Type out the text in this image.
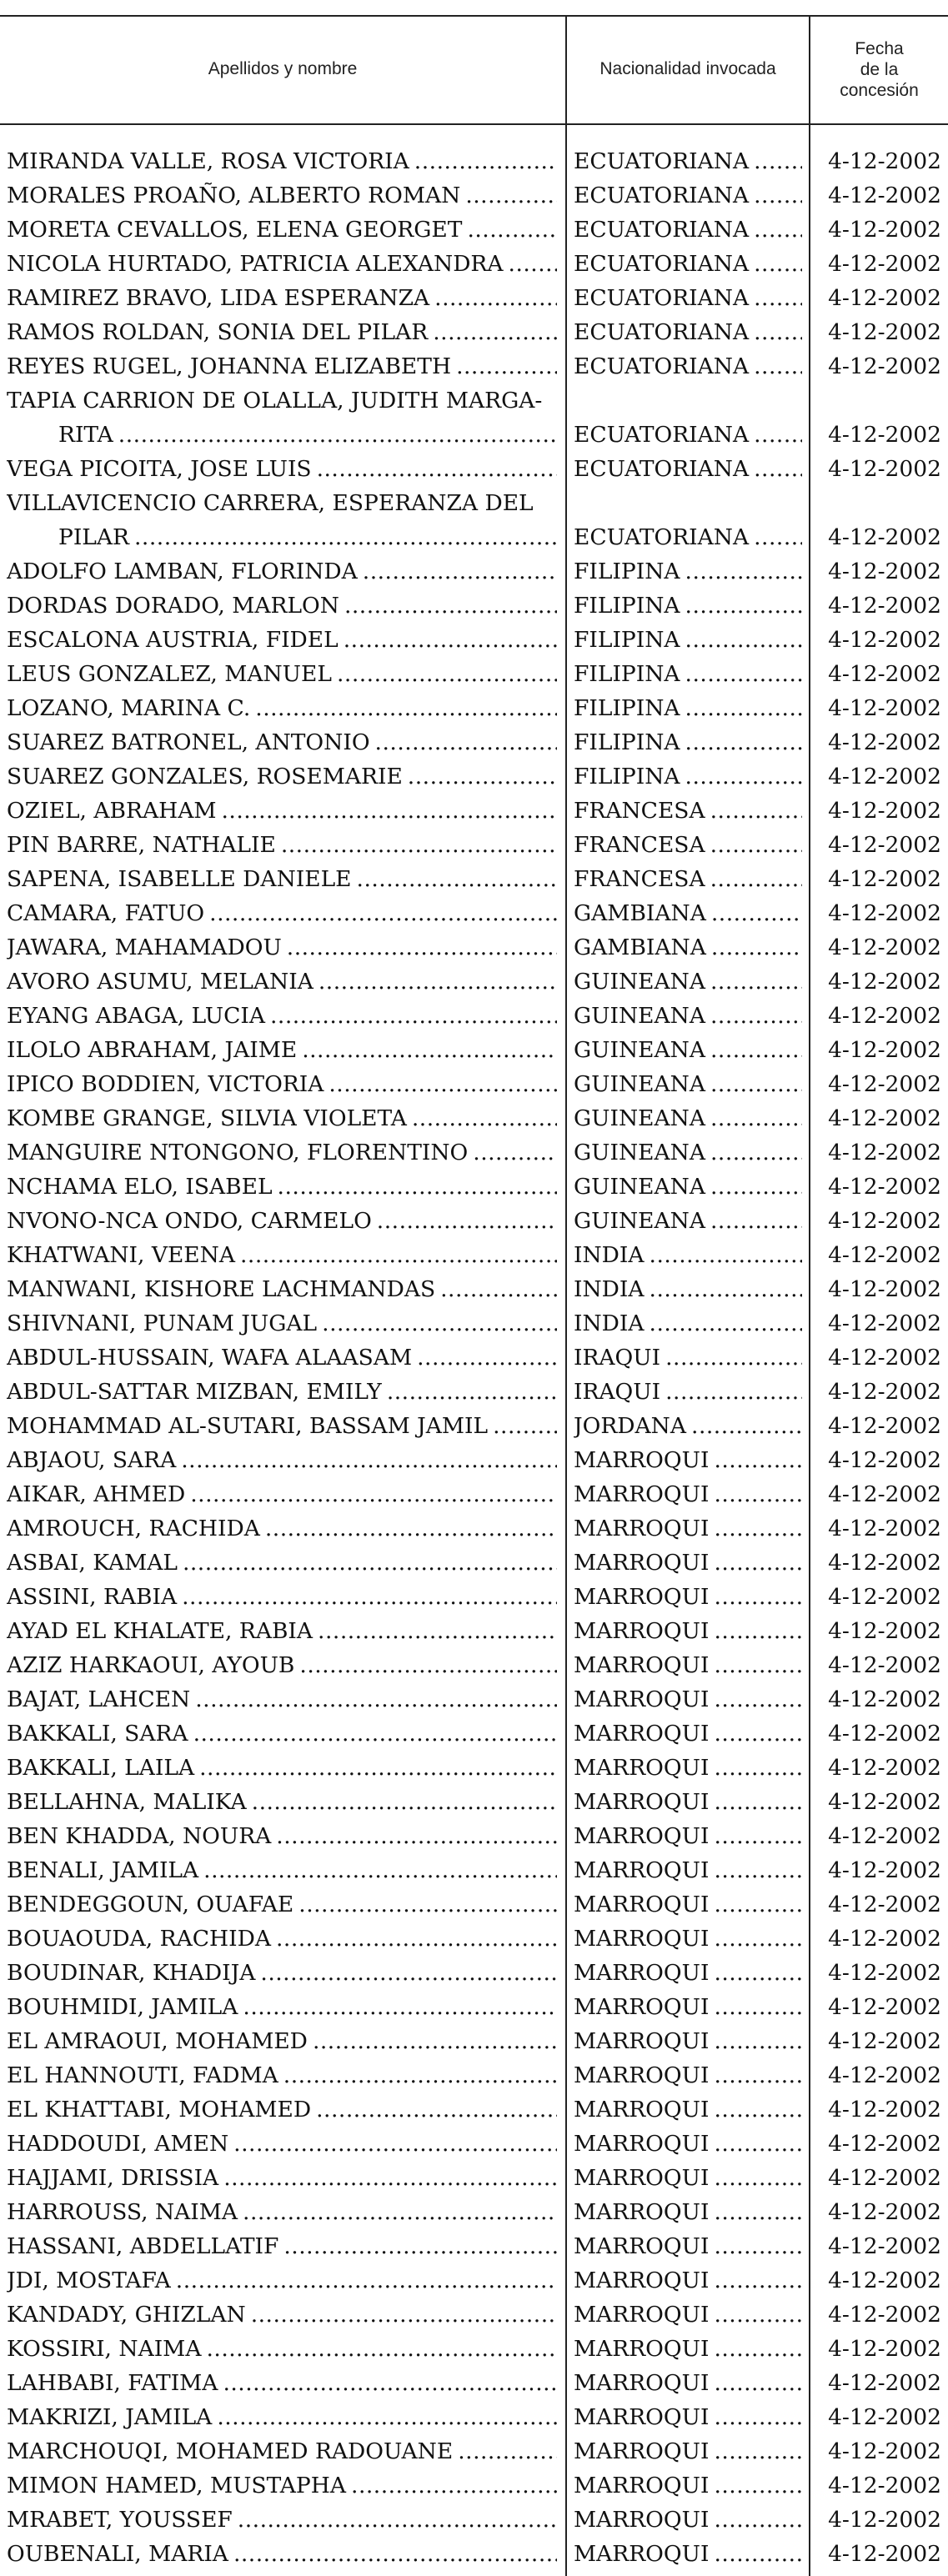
Apellidos y nombre	Nacionalidad invocada
Fecha
de la
concesión
MIRANDA VALLE, ROSA VICTORIA .....	ECUATORIANA .....	4-12-2002
MORALES PROAÑO, ALBERTO ROMAN .....	ECUATORIANA .....	4-12-2002
MORETA CEVALLOS, ELENA GEORGET .....	ECUATORIANA .....	4-12-2002
NICOLA HURTADO, PATRICIA ALEXANDRA .....	ECUATORIANA .....	4-12-2002
RAMIREZ BRAVO, LIDA ESPERANZA .....	ECUATORIANA .....	4-12-2002
RAMOS ROLDAN, SONIA DEL PILAR .....	ECUATORIANA .....	4-12-2002
REYES RUGEL, JOHANNA ELIZABETH .....	ECUATORIANA .....	4-12-2002
TAPIA CARRION DE OLALLA, JUDITH MARGA-
RITA .....	ECUATORIANA .....	4-12-2002
VEGA PICOITA, JOSE LUIS .....	ECUATORIANA .....	4-12-2002
VILLAVICENCIO CARRERA, ESPERANZA DEL
PILAR .....	ECUATORIANA .....	4-12-2002
ADOLFO LAMBAN, FLORINDA .....	FILIPINA .....	4-12-2002
DORDAS DORADO, MARLON .....	FILIPINA .....	4-12-2002
ESCALONA AUSTRIA, FIDEL .....	FILIPINA .....	4-12-2002
LEUS GONZALEZ, MANUEL .....	FILIPINA .....	4-12-2002
LOZANO, MARINA C. .....	FILIPINA .....	4-12-2002
SUAREZ BATRONEL, ANTONIO .....	FILIPINA .....	4-12-2002
SUAREZ GONZALES, ROSEMARIE .....	FILIPINA .....	4-12-2002
OZIEL, ABRAHAM .....	FRANCESA .....	4-12-2002
PIN BARRE, NATHALIE .....	FRANCESA .....	4-12-2002
SAPENA, ISABELLE DANIELE .....	FRANCESA .....	4-12-2002
CAMARA, FATUO .....	GAMBIANA .....	4-12-2002
JAWARA, MAHAMADOU .....	GAMBIANA .....	4-12-2002
AVORO ASUMU, MELANIA .....	GUINEANA .....	4-12-2002
EYANG ABAGA, LUCIA .....	GUINEANA .....	4-12-2002
ILOLO ABRAHAM, JAIME .....	GUINEANA .....	4-12-2002
IPICO BODDIEN, VICTORIA .....	GUINEANA .....	4-12-2002
KOMBE GRANGE, SILVIA VIOLETA .....	GUINEANA .....	4-12-2002
MANGUIRE NTONGONO, FLORENTINO .....	GUINEANA .....	4-12-2002
NCHAMA ELO, ISABEL .....	GUINEANA .....	4-12-2002
NVONO-NCA ONDO, CARMELO .....	GUINEANA .....	4-12-2002
KHATWANI, VEENA .....	INDIA .....	4-12-2002
MANWANI, KISHORE LACHMANDAS .....	INDIA .....	4-12-2002
SHIVNANI, PUNAM JUGAL .....	INDIA .....	4-12-2002
ABDUL-HUSSAIN, WAFA ALAASAM .....	IRAQUI .....	4-12-2002
ABDUL-SATTAR MIZBAN, EMILY .....	IRAQUI .....	4-12-2002
MOHAMMAD AL-SUTARI, BASSAM JAMIL .....	JORDANA .....	4-12-2002
ABJAOU, SARA .....	MARROQUI .....	4-12-2002
AIKAR, AHMED .....	MARROQUI .....	4-12-2002
AMROUCH, RACHIDA .....	MARROQUI .....	4-12-2002
ASBAI, KAMAL .....	MARROQUI .....	4-12-2002
ASSINI, RABIA .....	MARROQUI .....	4-12-2002
AYAD EL KHALATE, RABIA .....	MARROQUI .....	4-12-2002
AZIZ HARKAOUI, AYOUB .....	MARROQUI .....	4-12-2002
BAJAT, LAHCEN .....	MARROQUI .....	4-12-2002
BAKKALI, SARA .....	MARROQUI .....	4-12-2002
BAKKALI, LAILA .....	MARROQUI .....	4-12-2002
BELLAHNA, MALIKA .....	MARROQUI .....	4-12-2002
BEN KHADDA, NOURA .....	MARROQUI .....	4-12-2002
BENALI, JAMILA .....	MARROQUI .....	4-12-2002
BENDEGGOUN, OUAFAE .....	MARROQUI .....	4-12-2002
BOUAOUDA, RACHIDA .....	MARROQUI .....	4-12-2002
BOUDINAR, KHADIJA .....	MARROQUI .....	4-12-2002
BOUHMIDI, JAMILA .....	MARROQUI .....	4-12-2002
EL AMRAOUI, MOHAMED .....	MARROQUI .....	4-12-2002
EL HANNOUTI, FADMA .....	MARROQUI .....	4-12-2002
EL KHATTABI, MOHAMED .....	MARROQUI .....	4-12-2002
HADDOUDI, AMEN .....	MARROQUI .....	4-12-2002
HAJJAMI, DRISSIA .....	MARROQUI .....	4-12-2002
HARROUSS, NAIMA .....	MARROQUI .....	4-12-2002
HASSANI, ABDELLATIF .....	MARROQUI .....	4-12-2002
JDI, MOSTAFA .....	MARROQUI .....	4-12-2002
KANDADY, GHIZLAN .....	MARROQUI .....	4-12-2002
KOSSIRI, NAIMA .....	MARROQUI .....	4-12-2002
LAHBABI, FATIMA .....	MARROQUI .....	4-12-2002
MAKRIZI, JAMILA .....	MARROQUI .....	4-12-2002
MARCHOUQI, MOHAMED RADOUANE .....	MARROQUI .....	4-12-2002
MIMON HAMED, MUSTAPHA .....	MARROQUI .....	4-12-2002
MRABET, YOUSSEF .....	MARROQUI .....	4-12-2002
OUBENALI, MARIA .....	MARROQUI .....	4-12-2002
